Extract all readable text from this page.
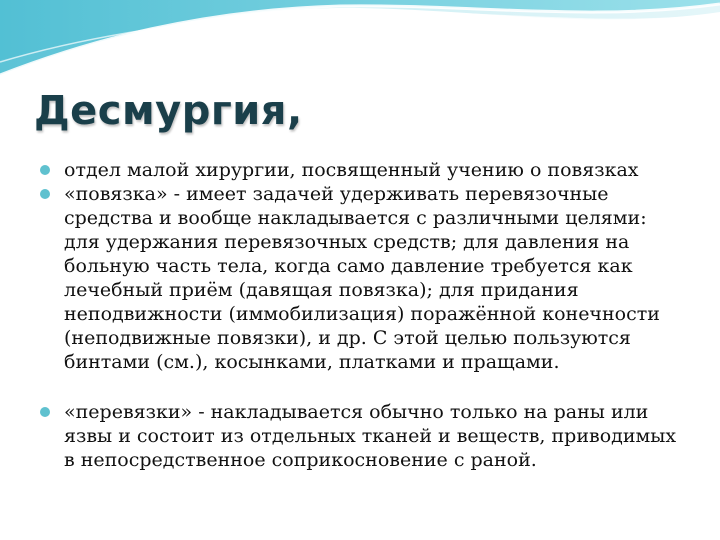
Десмургия,
отдел малой хирургии, посвященный учению о повязках
«повязка» - имеет задачей удерживать перевязочные средства и вообще накладывается с различными целями: для удержания перевязочных средств; для давления на больную часть тела, когда само давление требуется как лечебный приём (давящая повязка); для придания неподвижности (иммобилизация) поражённой конечности (неподвижные повязки), и др. С этой целью пользуются бинтами (см.), косынками, платками и пращами.
«перевязки» - накладывается обычно только на раны или язвы и состоит из отдельных тканей и веществ, приводимых в непосредственное соприкосновение с раной.
